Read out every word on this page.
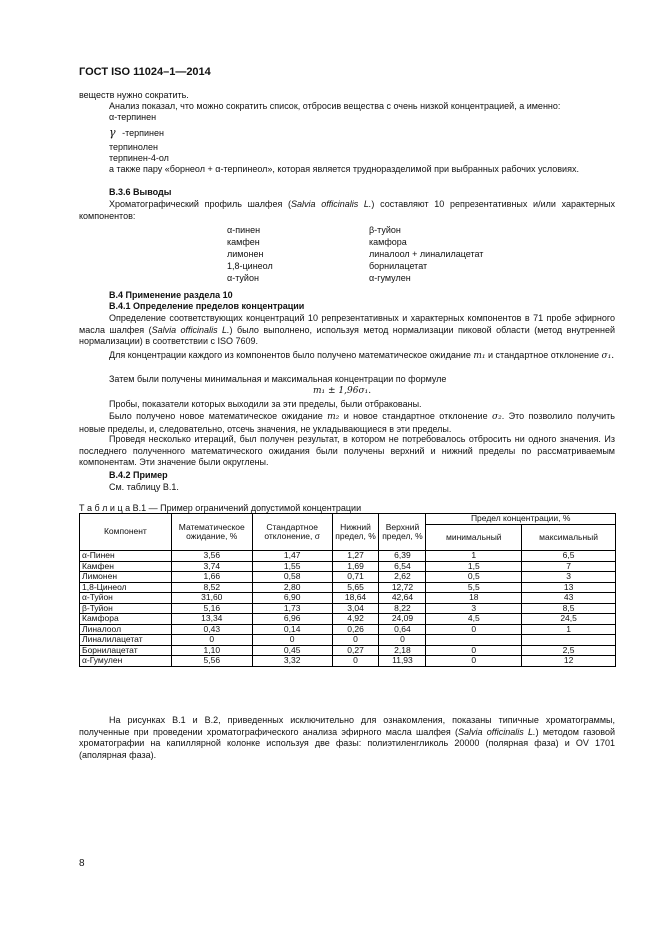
ГОСТ ISO 11024–1—2014
веществ нужно сократить.
Анализ показал, что можно сократить список, отбросив вещества с очень низкой концентрацией, а именно:
α-терпинен
γ -терпинен
терпинолен
терпинен-4-ол
а также пару «борнеол + α-терпинеол», которая является трудноразделимой при выбранных рабочих условиях.
В.3.6 Выводы
Хроматографический профиль шалфея (Salvia officinalis L.) составляют 10 репрезентативных и/или характерных компонентов:
α-пинен
камфен
лимонен
1,8-цинеол
α-туйон
β-туйон
камфора
линалоол + линалилацетат
борнилацетат
α-гумулен
В.4 Применение раздела 10
В.4.1 Определение пределов концентрации
Определение соответствующих концентраций 10 репрезентативных и характерных компонентов в 71 пробе эфирного масла шалфея (Salvia officinalis L.) было выполнено, используя метод нормализации пиковой области (метод внутренней нормализации) в соответствии с ISO 7609.
Для концентрации каждого из компонентов было получено математическое ожидание m₁ и стандартное отклонение σ₁.
Затем были получены минимальная и максимальная концентрации по формуле
m₁ ± 1,96σ₁.
Пробы, показатели которых выходили за эти пределы, были отбракованы.
Было получено новое математическое ожидание m₂ и новое стандартное отклонение σ₂. Это позволило получить новые пределы, и, следовательно, отсечь значения, не укладывающиеся в эти пределы.
Проведя несколько итераций, был получен результат, в котором не потребовалось отбросить ни одного значения. Из последнего полученного математического ожидания были получены верхний и нижний пределы по рассматриваемым компонентам. Эти значение были округлены.
В.4.2 Пример
См. таблицу В.1.
Т а б л и ц а В.1 — Пример ограничений допустимой концентрации
Компонент	Математическое ожидание, %	Стандартное отклонение, σ	Нижний предел, %	Верхний предел, %	Предел концентрации, %	
					минимальный	максимальный
α-Пинен	3,56	1,47	1,27	6,39	1	6,5
Камфен	3,74	1,55	1,69	6,54	1,5	7
Лимонен	1,66	0,58	0,71	2,62	0,5	3
1,8-Цинеол	8,52	2,80	5,65	12,72	5,5	13
α-Туйон	31,60	6,90	18,64	42,64	18	43
β-Туйон	5,16	1,73	3,04	8,22	3	8,5
Камфора	13,34	6,96	4,92	24,09	4,5	24,5
Линалоол	0,43	0,14	0,26	0,64	0	1
Линалилацетат	0	0	0	0		
Борнилацетат	1,10	0,45	0,27	2,18	0	2,5
α-Гумулен	5,56	3,32	0	11,93	0	12
На рисунках В.1 и В.2, приведенных исключительно для ознакомления, показаны типичные хроматограммы, полученные при проведении хроматографического анализа эфирного масла шалфея (Salvia officinalis L.) методом газовой хроматографии на капиллярной колонке используя две фазы: полиэтиленгликоль 20000 (полярная фаза) и OV 1701 (аполярная фаза).
8
